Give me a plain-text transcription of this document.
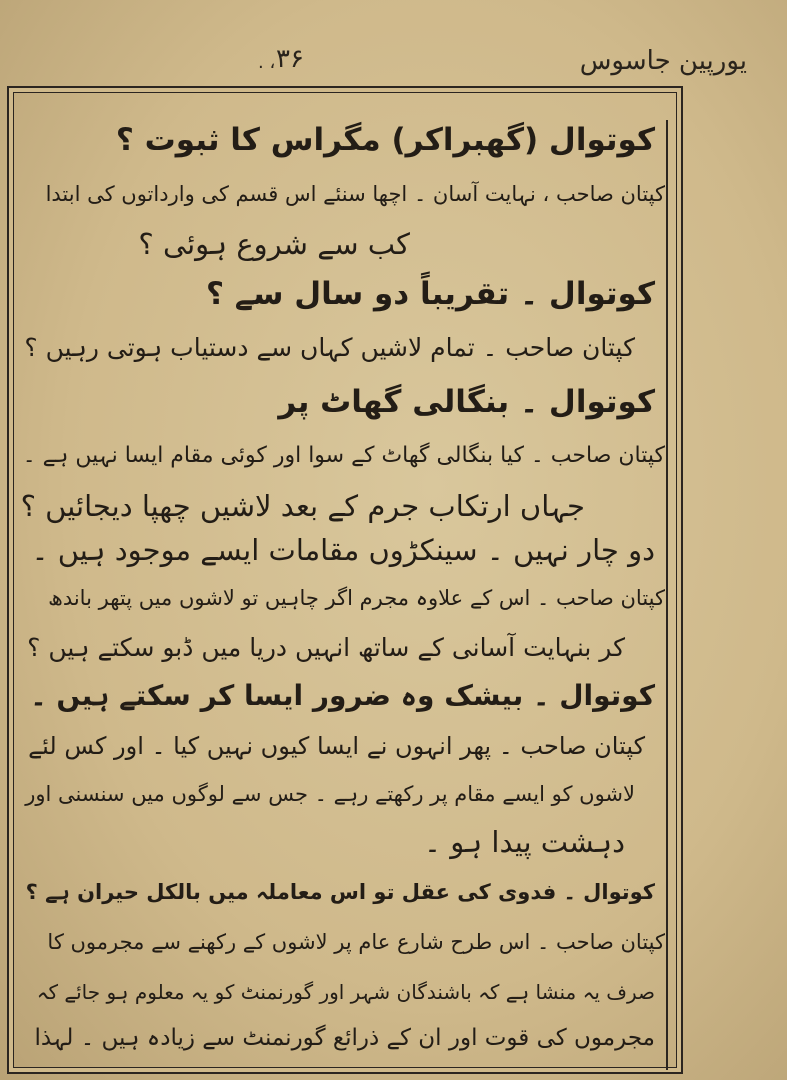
یورپین جاسوس
. ، ۳۶
کوتوال (گھبراکر) مگراس کا ثبوت ؟
کپتان صاحب ، نہایت آسان ۔ اچھا سنئے اس قسم کی وارداتوں کی ابتدا
کب سے شروع ہوئی ؟
کوتوال ۔ تقریباً دو سال سے ؟
کپتان صاحب ۔ تمام لاشیں کہاں سے دستیاب ہوتی رہیں ؟
کوتوال ۔ بنگالی گھاٹ پر
کپتان صاحب ۔ کیا بنگالی گھاٹ کے سوا اور کوئی مقام ایسا نہیں ہے ۔
جہاں ارتکاب جرم کے بعد لاشیں چھپا دیجائیں ؟
دو چار نہیں ۔ سینکڑوں مقامات ایسے موجود ہیں ۔
کپتان صاحب ۔ اس کے علاوہ مجرم اگر چاہیں تو لاشوں میں پتھر باندھ
کر بنہایت آسانی کے ساتھ انہیں دریا میں ڈبو سکتے ہیں ؟
کوتوال ۔ بیشک وہ ضرور ایسا کر سکتے ہیں ۔
کپتان صاحب ۔ پھر انہوں نے ایسا کیوں نہیں کیا ۔ اور کس لئے
لاشوں کو ایسے مقام پر رکھتے رہے ۔ جس سے لوگوں میں سنسنی اور
دہشت پیدا ہو ۔
کوتوال ۔ فدوی کی عقل تو اس معاملہ میں بالکل حیران ہے ؟
کپتان صاحب ۔ اس طرح شارع عام پر لاشوں کے رکھنے سے مجرموں کا
صرف یہ منشا ہے کہ باشندگان شہر اور گورنمنٹ کو یہ معلوم ہو جائے کہ
مجرموں کی قوت اور ان کے ذرائع گورنمنٹ سے زیادہ ہیں ۔ لہذا
